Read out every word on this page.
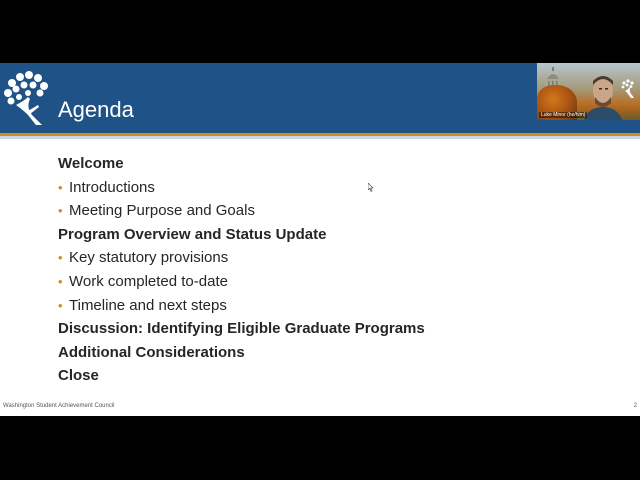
Agenda
Welcome
• Introductions
• Meeting Purpose and Goals
Program Overview and Status Update
• Key statutory provisions
• Work completed to-date
• Timeline and next steps
Discussion: Identifying Eligible Graduate Programs
Additional Considerations
Close
Washington Student Achievement Council	2
Luke Minor (he/him)
